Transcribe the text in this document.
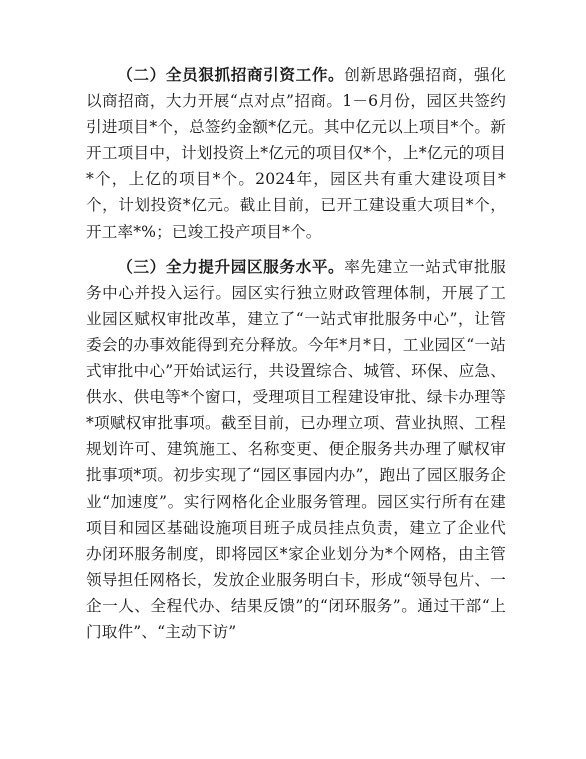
（二）全员狠抓招商引资工作。创新思路强招商，强化以商招商，大力开展“点对点”招商。1－6月份，园区共签约引进项目*个，总签约金额*亿元。其中亿元以上项目*个。新开工项目中，计划投资上*亿元的项目仅*个，上*亿元的项目*个，上亿的项目*个。2024年，园区共有重大建设项目*个，计划投资*亿元。截止目前，已开工建设重大项目*个，开工率*%；已竣工投产项目*个。

（三）全力提升园区服务水平。率先建立一站式审批服务中心并投入运行。园区实行独立财政管理体制，开展了工业园区赋权审批改革，建立了“一站式审批服务中心”，让管委会的办事效能得到充分释放。今年*月*日，工业园区“一站式审批中心”开始试运行，共设置综合、城管、环保、应急、供水、供电等*个窗口，受理项目工程建设审批、绿卡办理等*项赋权审批事项。截至目前，已办理立项、营业执照、工程规划许可、建筑施工、名称变更、便企服务共办理了赋权审批事项*项。初步实现了“园区事园内办”，跑出了园区服务企业“加速度”。实行网格化企业服务管理。园区实行所有在建项目和园区基础设施项目班子成员挂点负责，建立了企业代办闭环服务制度，即将园区*家企业划分为*个网格，由主管领导担任网格长，发放企业服务明白卡，形成“领导包片、一企一人、全程代办、结果反馈”的“闭环服务”。通过干部“上门取件”、“主动下访”
